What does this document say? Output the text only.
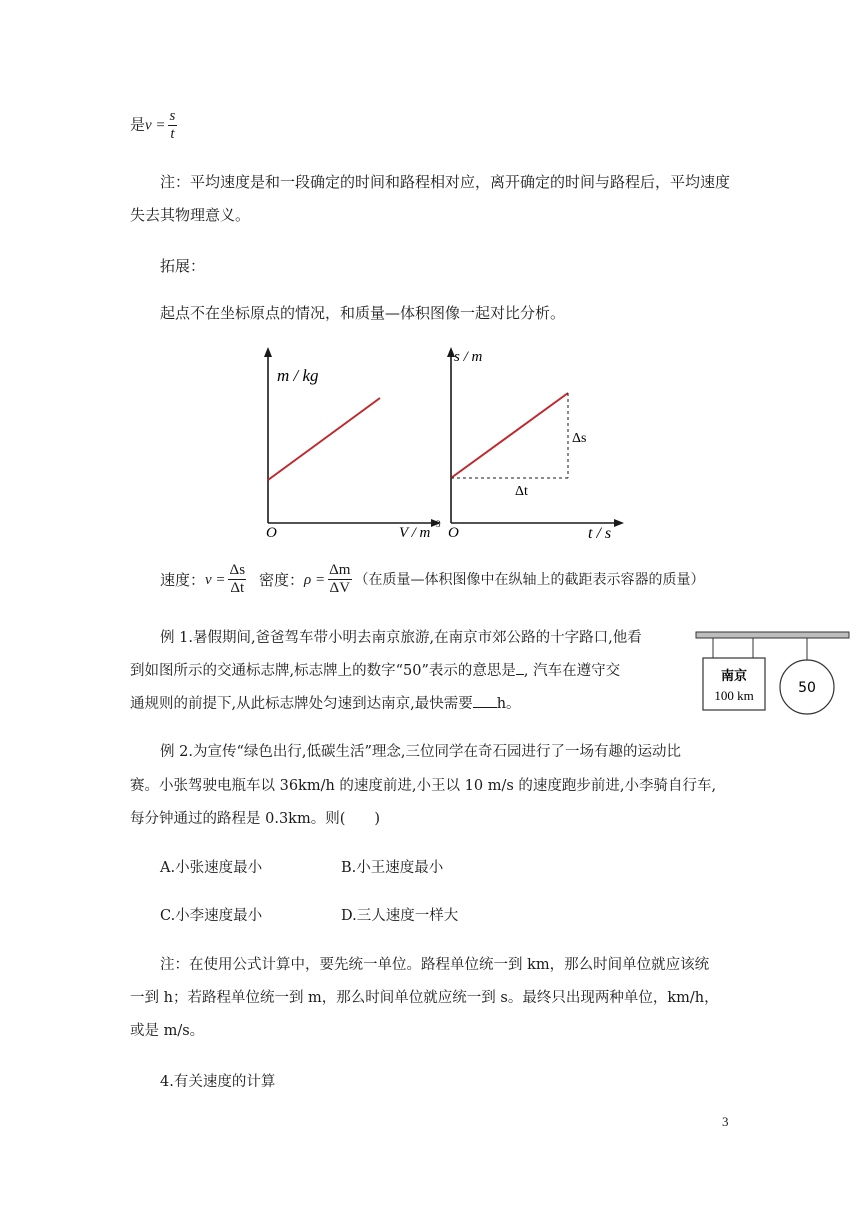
是$v = \frac{s}{t}$
注：平均速度是和一段确定的时间和路程相对应，离开确定的时间与路程后，平均速度
失去其物理意义。
拓展：
起点不在坐标原点的情况，和质量—体积图像一起对比分析。
m / kg
O	V / m
3
s / m
Δs
Δt
O	t / s
速度： $v = \frac{\Delta s}{\Delta t}$ 密度： $\rho = \frac{\Delta m}{\Delta V}$ （在质量—体积图像中在纵轴上的截距表示容器的质量）
例 1.暑假期间,爸爸驾车带小明去南京旅游,在南京市郊公路的十字路口,他看
到如图所示的交通标志牌,标志牌上的数字“50”表示的意思是 , 汽车在遵守交
通规则的前提下,从此标志牌处匀速到达南京,最快需要 h。
南京
100 km	50
例 2.为宣传“绿色出行,低碳生活”理念,三位同学在奇石园进行了一场有趣的运动比
赛。小张驾驶电瓶车以 36km/h 的速度前进,小王以 10 m/s 的速度跑步前进,小李骑自行车,
每分钟通过的路程是 0.3km。则(　　)
A.小张速度最小	B.小王速度最小
C.小李速度最小	D.三人速度一样大
注：在使用公式计算中，要先统一单位。路程单位统一到 km，那么时间单位就应该统
一到 h；若路程单位统一到 m，那么时间单位就应统一到 s。最终只出现两种单位，km/h，
或是 m/s。
4.有关速度的计算
3
